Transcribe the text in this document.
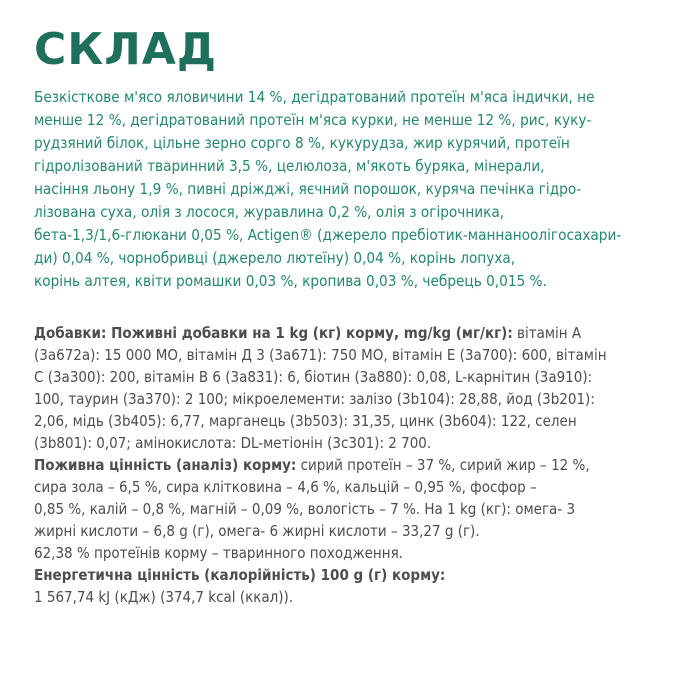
СКЛАД

Безкісткове м'ясо яловичини 14 %, дегідратований протеїн м'яса індички, не
менше 12 %, дегідратований протеїн м'яса курки, не менше 12 %, рис, куку-
рудзяний білок, цільне зерно сорго 8 %, кукурудза, жир курячий, протеїн
гідролізований тваринний 3,5 %, целюлоза, м'якоть буряка, мінерали,
насіння льону 1,9 %, пивні дріжджі, яєчний порошок, куряча печінка гідро-
лізована суха, олія з лосося, журавлина 0,2 %, олія з огірочника,
бета-1,3/1,6-глюкани 0,05 %, Actigen® (джерело пребіотик-маннаноолігосахари-
ди) 0,04 %, чорнобривці (джерело лютеїну) 0,04 %, корінь лопуха,
корінь алтея, квіти ромашки 0,03 %, кропива 0,03 %, чебрець 0,015 %.

Добавки: Поживні добавки на 1 kg (кг) корму, mg/kg (мг/кг): вітамін А
(3a672a): 15 000 МО, вітамін Д 3 (3a671): 750 МО, вітамін Е (3a700): 600, вітамін
С (3a300): 200, вітамін В 6 (3a831): 6, біотин (3a880): 0,08, L-карнітин (3a910):
100, таурин (3a370): 2 100; мікроелементи: залізо (3b104): 28,88, йод (3b201):
2,06, мідь (3b405): 6,77, марганець (3b503): 31,35, цинк (3b604): 122, селен
(3b801): 0,07; амінокислота: DL-метіонін (3c301): 2 700.
Поживна цінність (аналіз) корму: сирий протеїн – 37 %, сирий жир – 12 %,
сира зола – 6,5 %, сира клітковина – 4,6 %, кальцій – 0,95 %, фосфор –
0,85 %, калій – 0,8 %, магній – 0,09 %, вологість – 7 %. На 1 kg (кг): омега- 3
жирні кислоти – 6,8 g (г), омега- 6 жирні кислоти – 33,27 g (г).
62,38 % протеїнів корму – тваринного походження.
Енергетична цінність (калорійність) 100 g (г) корму:
1 567,74 kJ (кДж) (374,7 kcal (ккал)).
